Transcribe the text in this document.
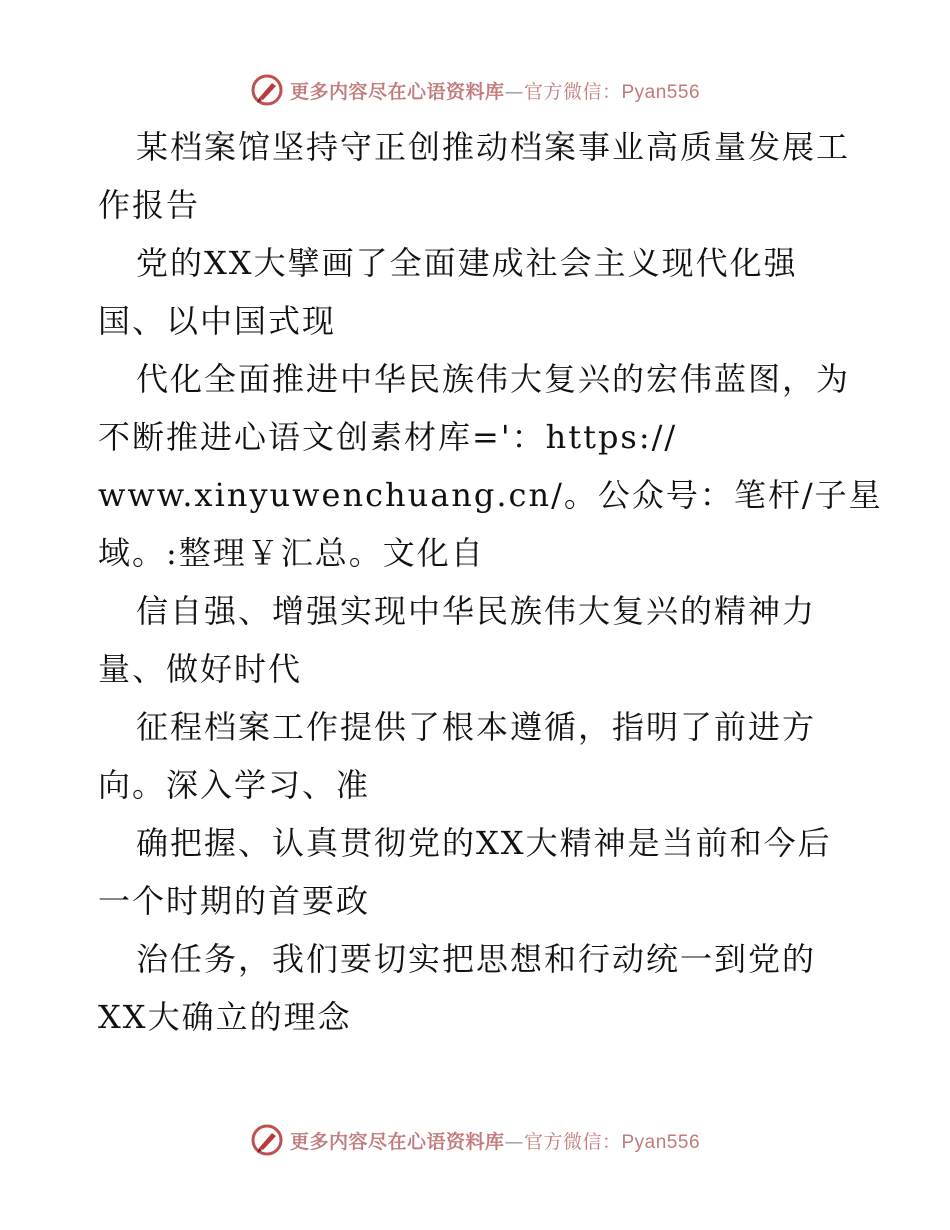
更多内容尽在心语资料库—官方微信：Pyan556
某档案馆坚持守正创推动档案事业高质量发展工
作报告
党的XX大擘画了全面建成社会主义现代化强
国、以中国式现
代化全面推进中华民族伟大复兴的宏伟蓝图，为
不断推进心语文创素材库='：https://
www.xinyuwenchuang.cn/。公众号：笔杆/子星
域。:整理￥汇总。文化自
信自强、增强实现中华民族伟大复兴的精神力
量、做好时代
征程档案工作提供了根本遵循，指明了前进方
向。深入学习、准
确把握、认真贯彻党的XX大精神是当前和今后
一个时期的首要政
治任务，我们要切实把思想和行动统一到党的
XX大确立的理念
更多内容尽在心语资料库—官方微信：Pyan556
